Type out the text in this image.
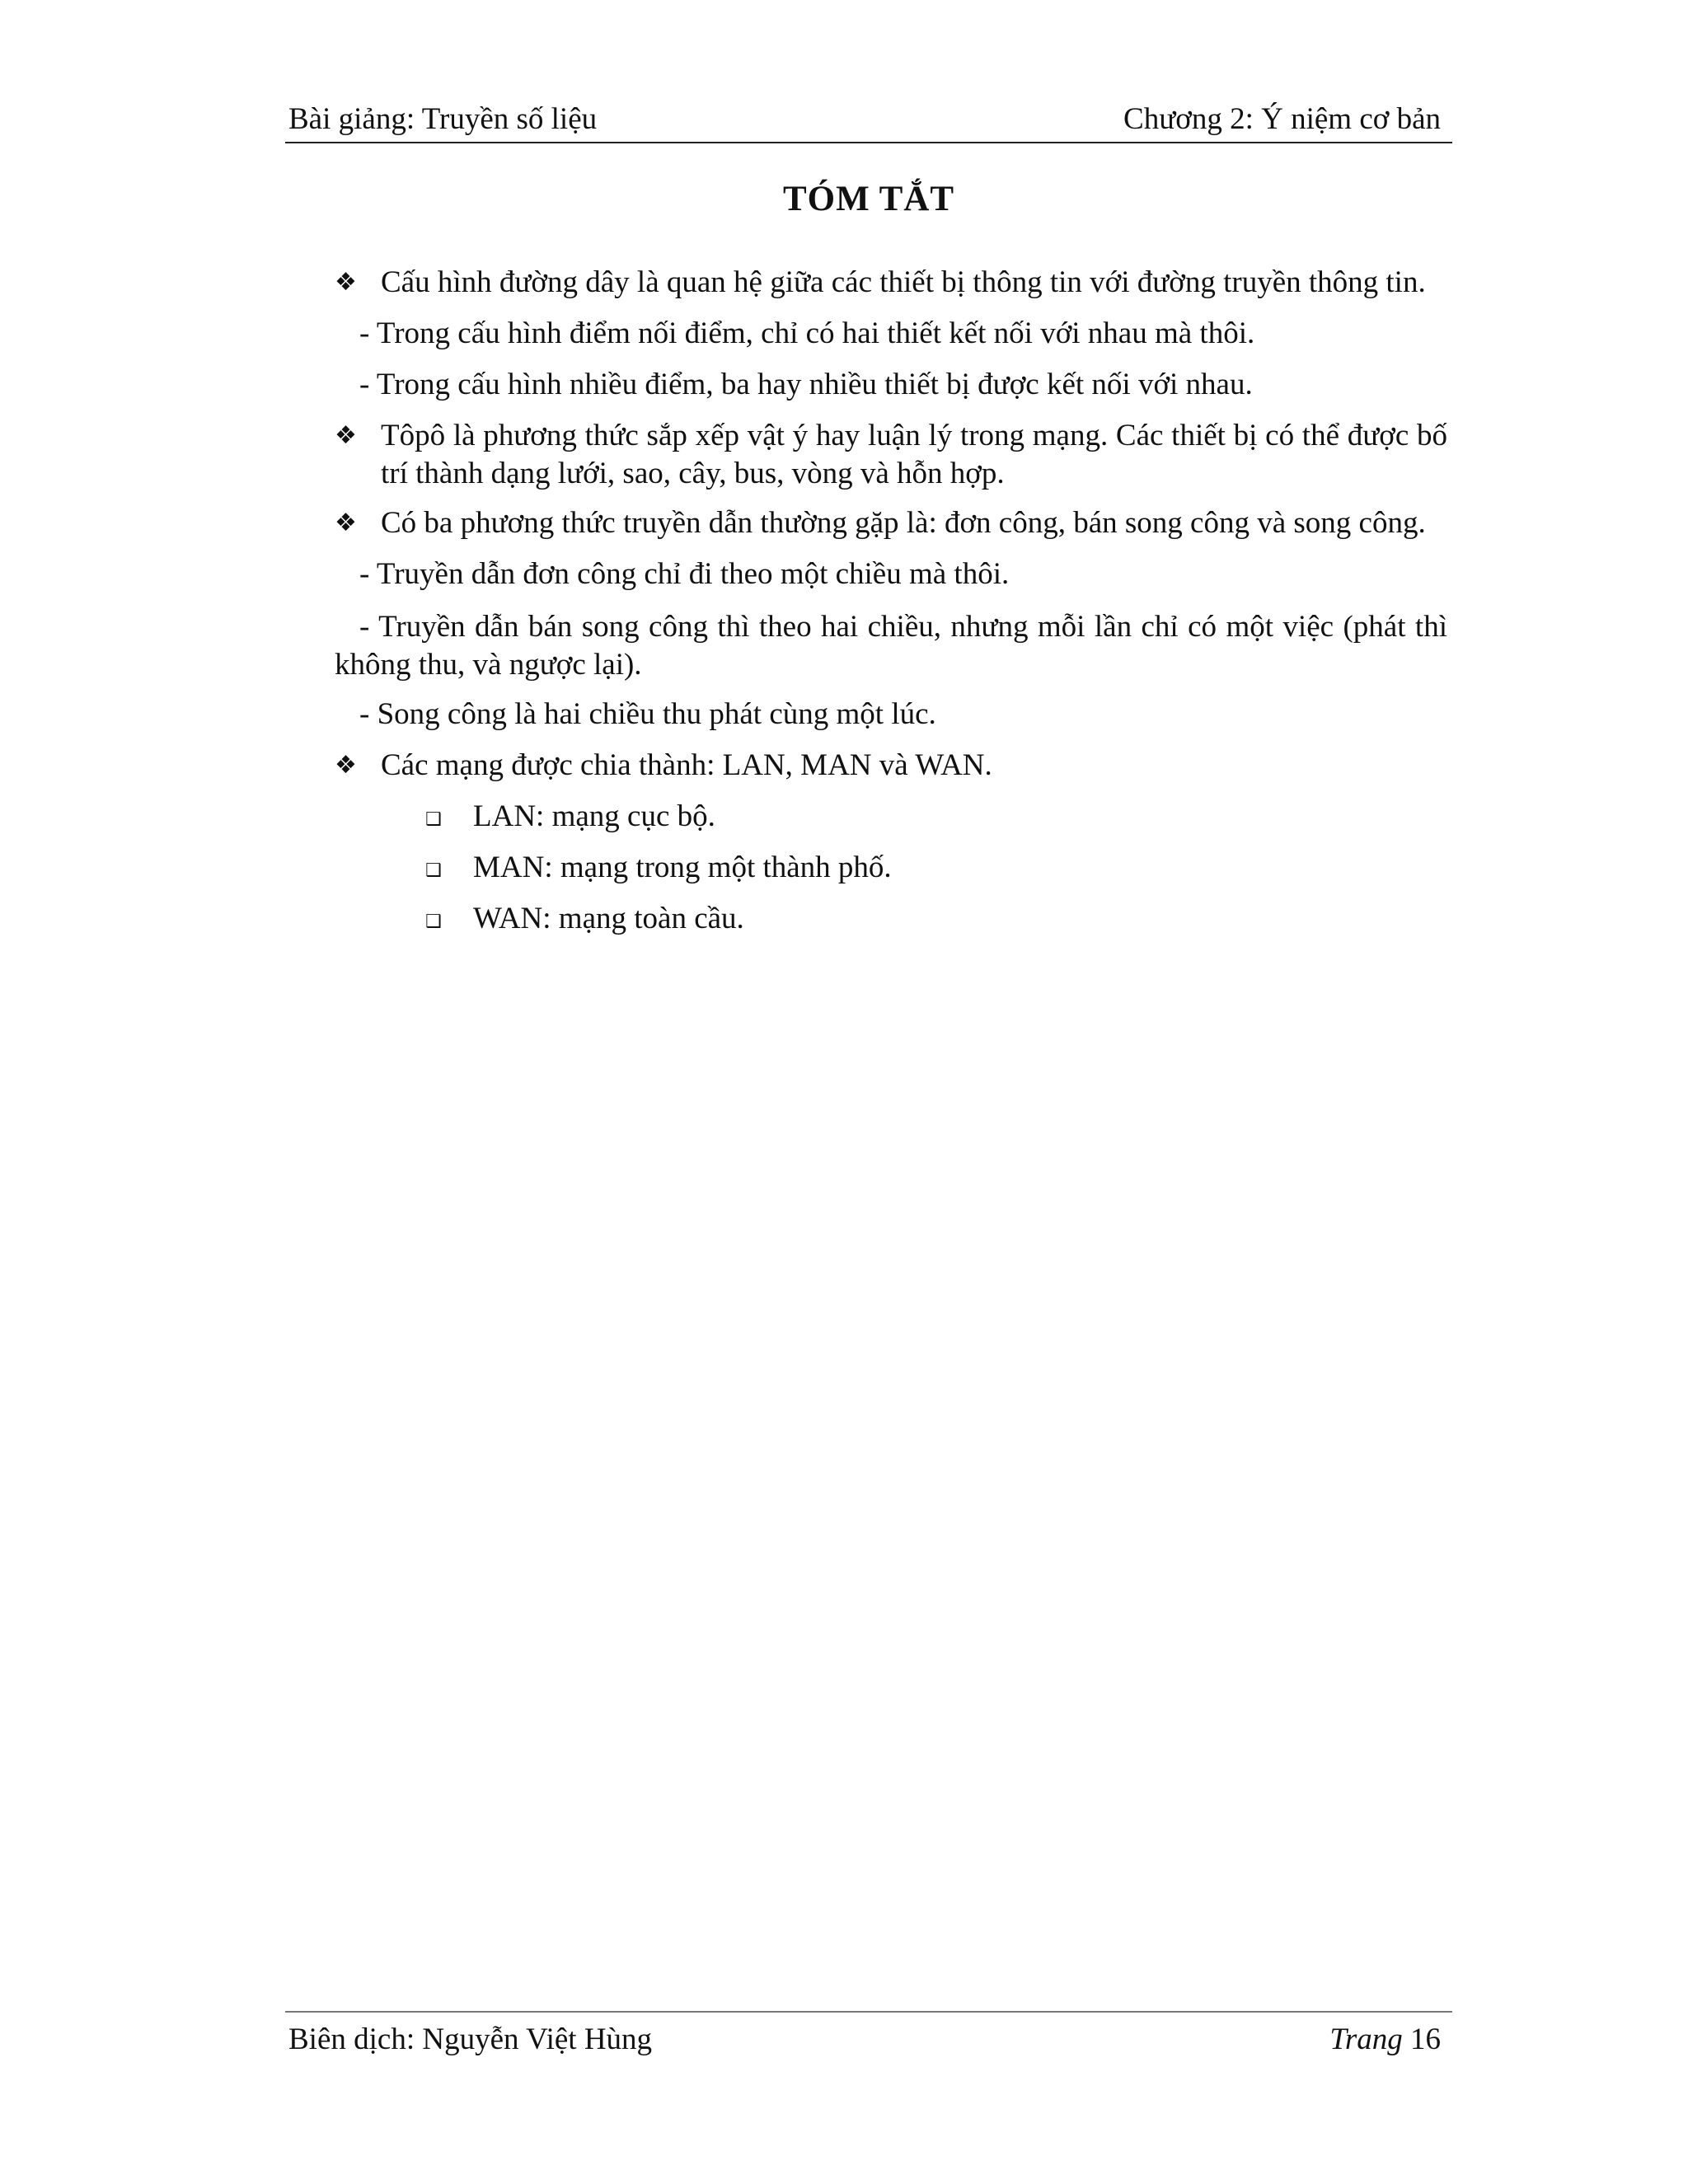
Bài giảng: Truyền số liệu	Chương 2: Ý niệm cơ bản
TÓM TẮT
❖ Cấu hình đường dây là quan hệ giữa các thiết bị thông tin với đường truyền thông tin.
- Trong cấu hình điểm nối điểm, chỉ có hai thiết kết nối với nhau mà thôi.
- Trong cấu hình nhiều điểm, ba hay nhiều thiết bị được kết nối với nhau.
❖ Tôpô là phương thức sắp xếp vật ý hay luận lý trong mạng. Các thiết bị có thể được bố trí thành dạng lưới, sao, cây, bus, vòng và hỗn hợp.
❖ Có ba phương thức truyền dẫn thường gặp là: đơn công, bán song công và song công.
- Truyền dẫn đơn công chỉ đi theo một chiều mà thôi.
- Truyền dẫn bán song công thì theo hai chiều, nhưng mỗi lần chỉ có một việc (phát thì không thu, và ngược lại).
- Song công là hai chiều thu phát cùng một lúc.
❖ Các mạng được chia thành: LAN, MAN và WAN.
❑	LAN: mạng cục bộ.
❑	MAN: mạng trong một thành phố.
❑	WAN: mạng toàn cầu.
Biên dịch: Nguyễn Việt Hùng	Trang 16
